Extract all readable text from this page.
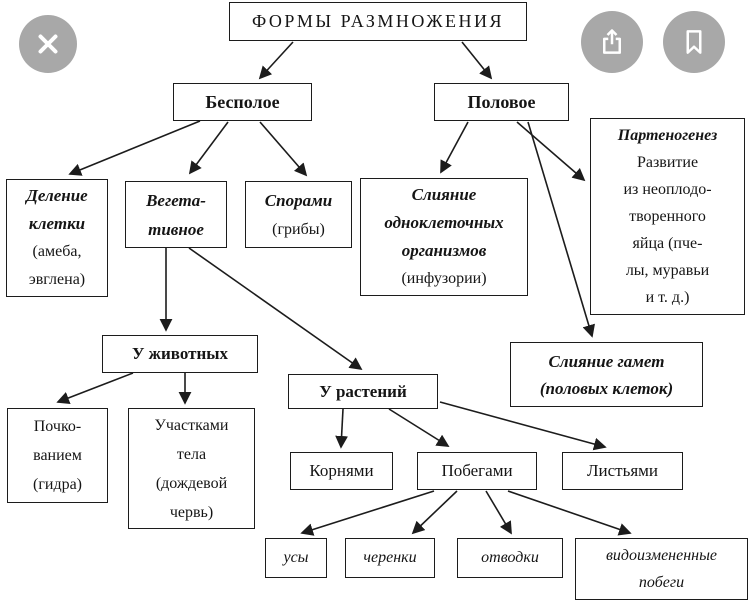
ФОРМЫ РАЗМНОЖЕНИЯ
Бесполое	Половое
Деление
клетки
(амеба,
эвглена)
Вегета-
тивное
Спорами
(грибы)
Слияние
одноклеточных
организмов
(инфузории)
Партеногенез
Развитие
из неоплодо-
творенного
яйца (пче-
лы, муравьи
и т. д.)
Слияние гамет
(половых клеток)
У животных
У растений
Почко-
ванием
(гидра)
Участками
тела
(дождевой
червь)
Корнями	Побегами	Листьями
усы	черенки	отводки	видоизмененные
побеги
